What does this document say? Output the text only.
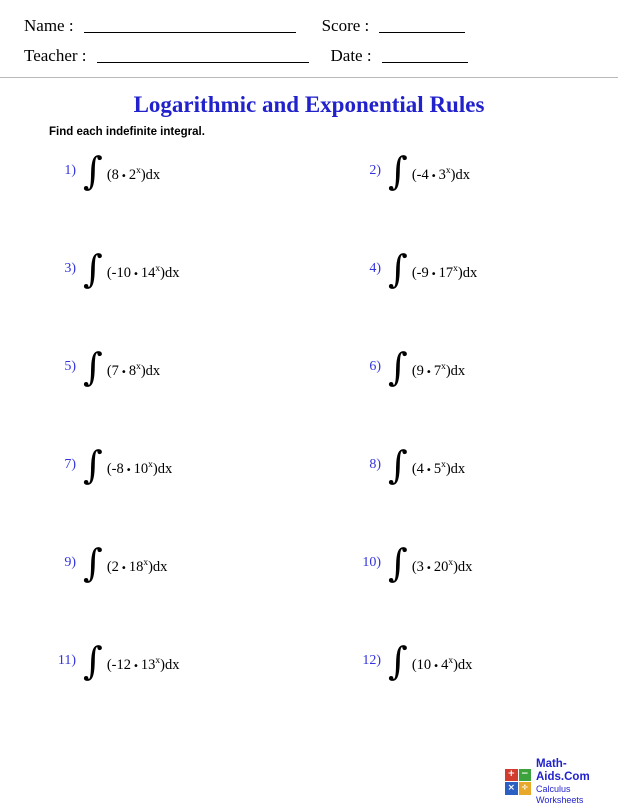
Name :	Score :
Teacher :	Date :
Logarithmic and Exponential Rules
Find each indefinite integral.
1) ∫ (8 • 2$^x$)dx	2) ∫ (-4 • 3$^x$)dx
3) ∫ (-10 • 14$^x$)dx	4) ∫ (-9 • 17$^x$)dx
5) ∫ (7 • 8$^x$)dx	6) ∫ (9 • 7$^x$)dx
7) ∫ (-8 • 10$^x$)dx	8) ∫ (4 • 5$^x$)dx
9) ∫ (2 • 18$^x$)dx	10) ∫ (3 • 20$^x$)dx
11) ∫ (-12 • 13$^x$)dx	12) ∫ (10 • $4^x)dx$
+ −
× ÷
Math-Aids.Com
Calculus Worksheets
